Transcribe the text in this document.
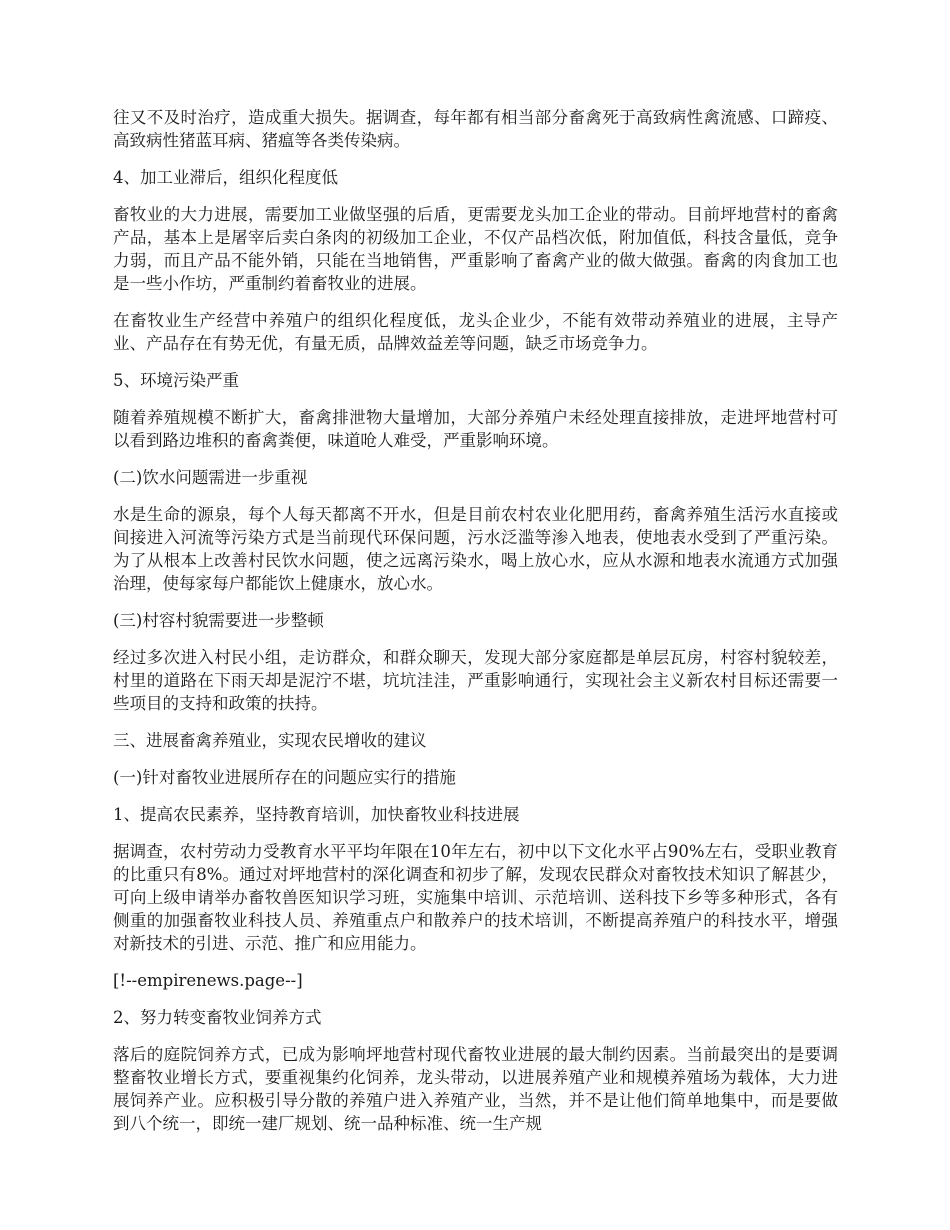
往又不及时治疗，造成重大损失。据调查，每年都有相当部分畜禽死于高致病性禽流感、口蹄疫、高致病性猪蓝耳病、猪瘟等各类传染病。

4、加工业滞后，组织化程度低

畜牧业的大力进展，需要加工业做坚强的后盾，更需要龙头加工企业的带动。目前坪地营村的畜禽产品，基本上是屠宰后卖白条肉的初级加工企业，不仅产品档次低，附加值低，科技含量低，竞争力弱，而且产品不能外销，只能在当地销售，严重影响了畜禽产业的做大做强。畜禽的肉食加工也是一些小作坊，严重制约着畜牧业的进展。

在畜牧业生产经营中养殖户的组织化程度低，龙头企业少，不能有效带动养殖业的进展，主导产业、产品存在有势无优，有量无质，品牌效益差等问题，缺乏市场竞争力。

5、环境污染严重

随着养殖规模不断扩大，畜禽排泄物大量增加，大部分养殖户未经处理直接排放，走进坪地营村可以看到路边堆积的畜禽粪便，味道呛人难受，严重影响环境。

(二)饮水问题需进一步重视

水是生命的源泉，每个人每天都离不开水，但是目前农村农业化肥用药，畜禽养殖生活污水直接或间接进入河流等污染方式是当前现代环保问题，污水泛滥等渗入地表，使地表水受到了严重污染。为了从根本上改善村民饮水问题，使之远离污染水，喝上放心水，应从水源和地表水流通方式加强治理，使每家每户都能饮上健康水，放心水。

(三)村容村貌需要进一步整顿

经过多次进入村民小组，走访群众，和群众聊天，发现大部分家庭都是单层瓦房，村容村貌较差，村里的道路在下雨天却是泥泞不堪，坑坑洼洼，严重影响通行，实现社会主义新农村目标还需要一些项目的支持和政策的扶持。

三、进展畜禽养殖业，实现农民增收的建议

(一)针对畜牧业进展所存在的问题应实行的措施

1、提高农民素养，坚持教育培训，加快畜牧业科技进展

据调查，农村劳动力受教育水平平均年限在10年左右，初中以下文化水平占90%左右，受职业教育的比重只有8%。通过对坪地营村的深化调查和初步了解，发现农民群众对畜牧技术知识了解甚少，可向上级申请举办畜牧兽医知识学习班，实施集中培训、示范培训、送科技下乡等多种形式，各有侧重的加强畜牧业科技人员、养殖重点户和散养户的技术培训，不断提高养殖户的科技水平，增强对新技术的引进、示范、推广和应用能力。

[!--empirenews.page--]

2、努力转变畜牧业饲养方式

落后的庭院饲养方式，已成为影响坪地营村现代畜牧业进展的最大制约因素。当前最突出的是要调整畜牧业增长方式，要重视集约化饲养，龙头带动，以进展养殖产业和规模养殖场为载体，大力进展饲养产业。应积极引导分散的养殖户进入养殖产业，当然，并不是让他们简单地集中，而是要做到八个统一，即统一建厂规划、统一品种标准、统一生产规
